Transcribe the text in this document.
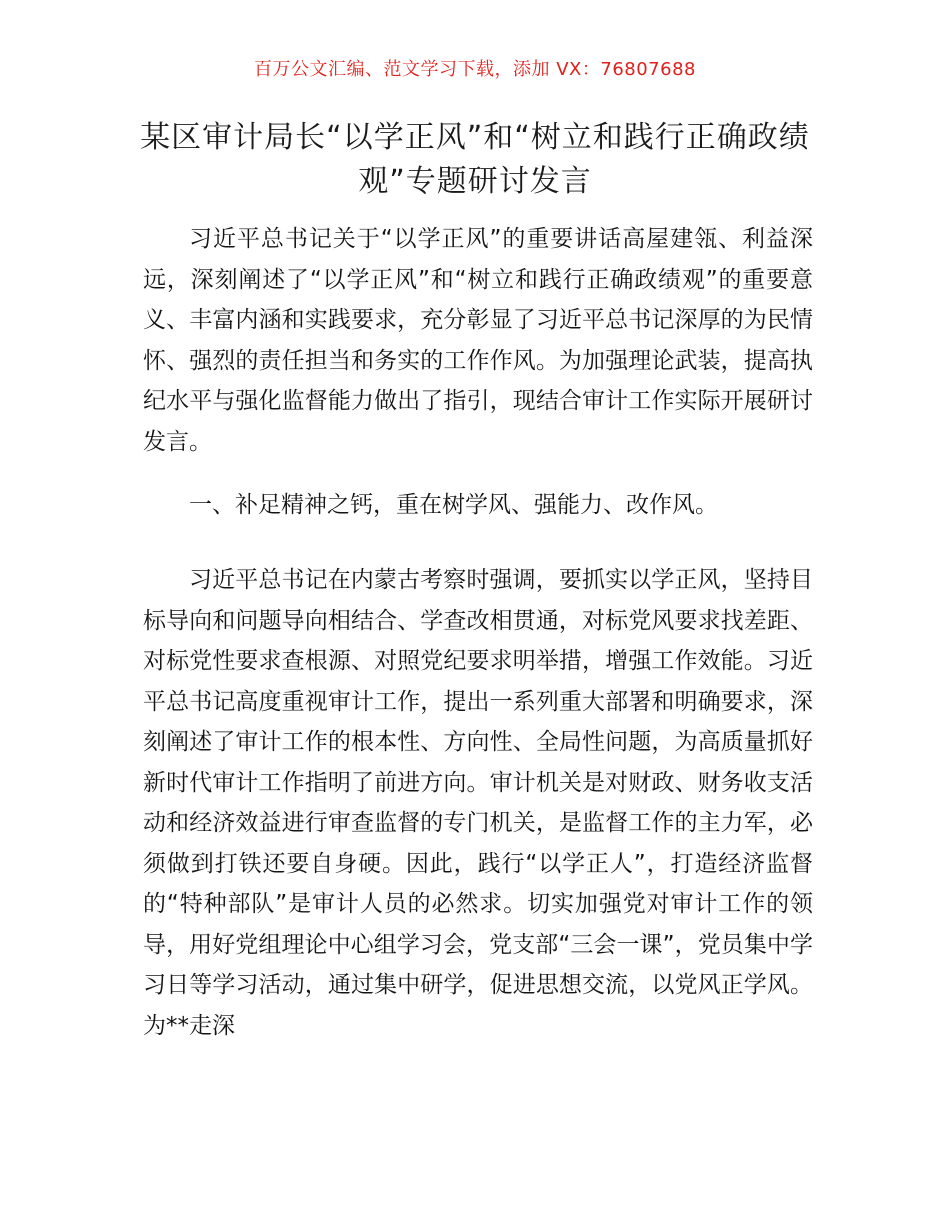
百万公文汇编、范文学习下载，添加 VX：76807688
某区审计局长“以学正风”和“树立和践行正确政绩观”专题研讨发言

习近平总书记关于“以学正风”的重要讲话高屋建瓴、利益深远，深刻阐述了“以学正风”和“树立和践行正确政绩观”的重要意义、丰富内涵和实践要求，充分彰显了习近平总书记深厚的为民情怀、强烈的责任担当和务实的工作作风。为加强理论武装，提高执纪水平与强化监督能力做出了指引，现结合审计工作实际开展研讨发言。

一、补足精神之钙，重在树学风、强能力、改作风。

习近平总书记在内蒙古考察时强调，要抓实以学正风，坚持目标导向和问题导向相结合、学查改相贯通，对标党风要求找差距、对标党性要求查根源、对照党纪要求明举措，增强工作效能。习近平总书记高度重视审计工作，提出一系列重大部署和明确要求，深刻阐述了审计工作的根本性、方向性、全局性问题，为高质量抓好新时代审计工作指明了前进方向。审计机关是对财政、财务收支活动和经济效益进行审查监督的专门机关，是监督工作的主力军，必须做到打铁还要自身硬。因此，践行“以学正人”，打造经济监督的“特种部队”是审计人员的必然求。切实加强党对审计工作的领导，用好党组理论中心组学习会，党支部“三会一课”，党员集中学习日等学习活动，通过集中研学，促进思想交流，以党风正学风。为**走深
